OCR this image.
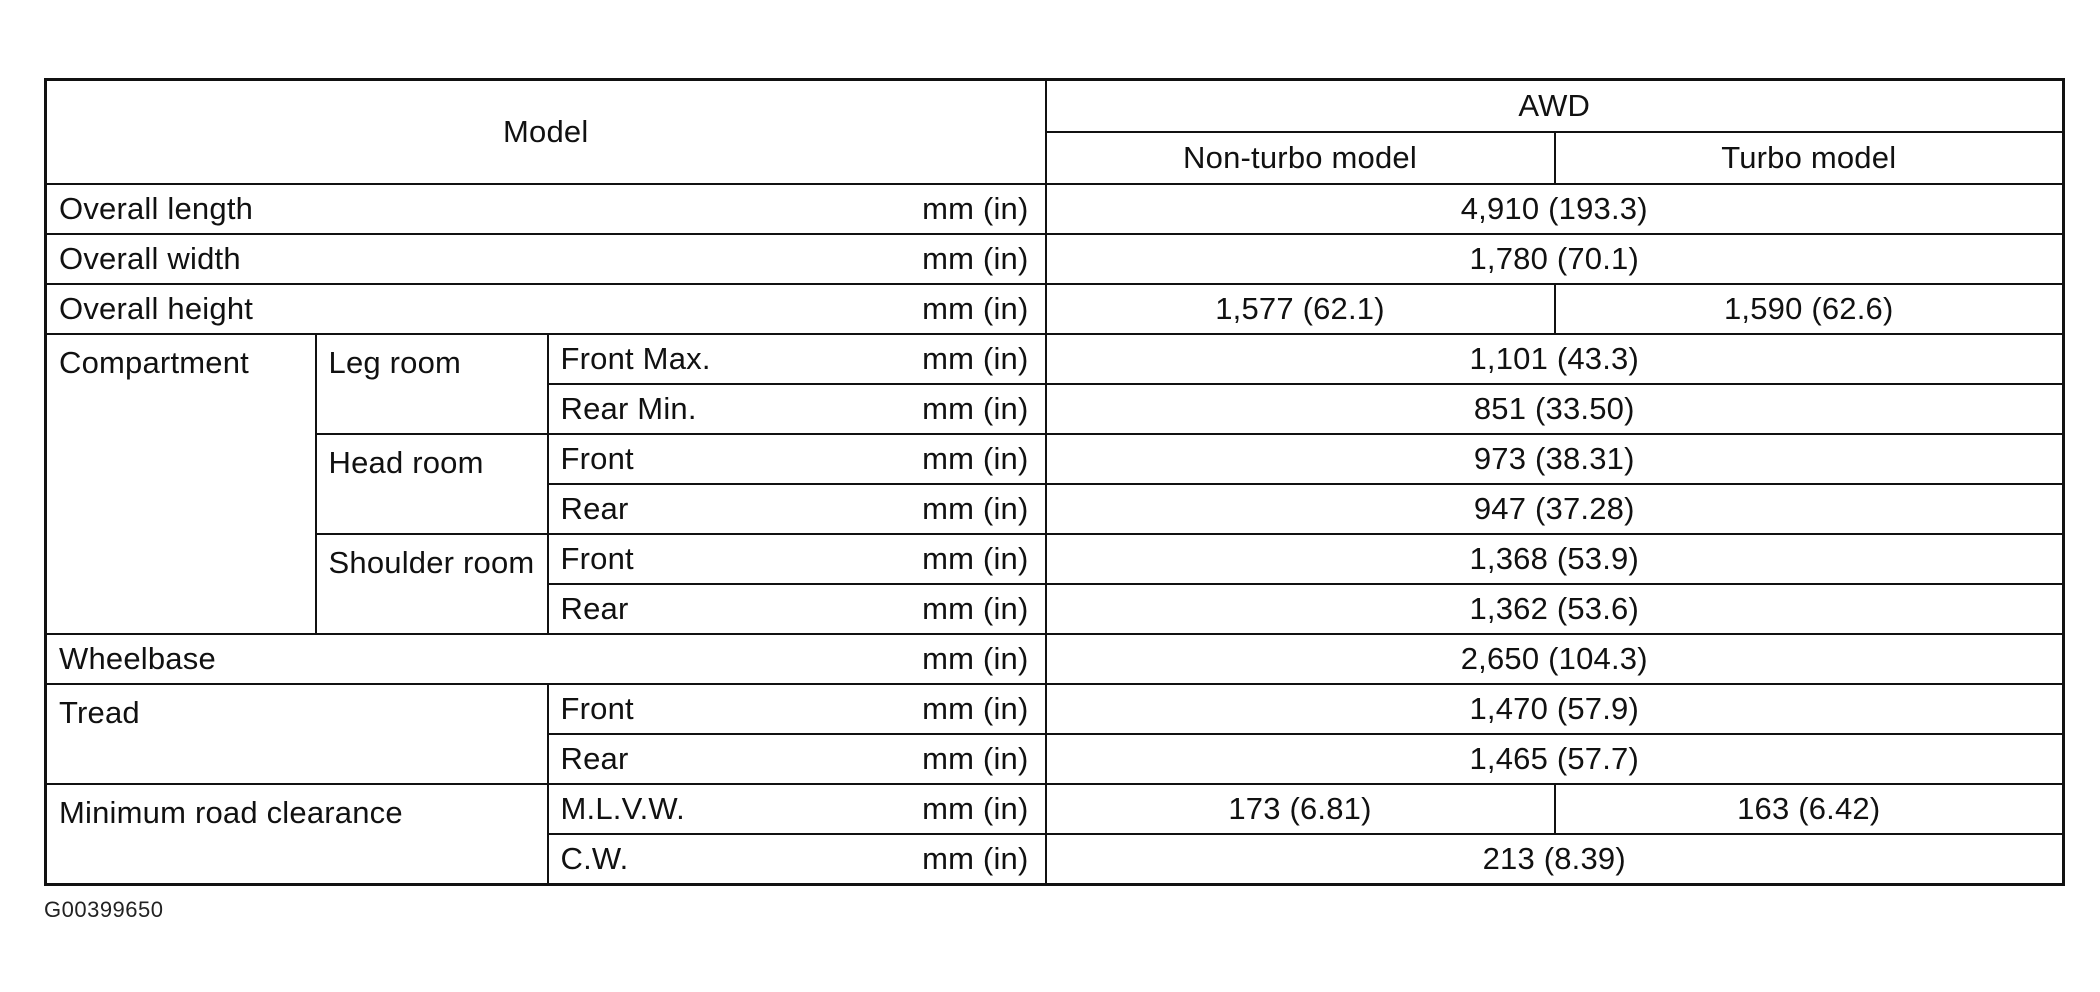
Model				AWD	
				Non-turbo model	Turbo model
Overall length			mm (in)	4,910 (193.3)	
Overall width			mm (in)	1,780 (70.1)	
Overall height			mm (in)	1,577 (62.1)	1,590 (62.6)
Compartment	Leg room	Front Max.	mm (in)	1,101 (43.3)	
		Rear Min.	mm (in)	851 (33.50)	
	Head room	Front	mm (in)	973 (38.31)	
		Rear	mm (in)	947 (37.28)	
	Shoulder room	Front	mm (in)	1,368 (53.9)	
		Rear	mm (in)	1,362 (53.6)	
Wheelbase			mm (in)	2,650 (104.3)	
Tread		Front	mm (in)	1,470 (57.9)	
		Rear	mm (in)	1,465 (57.7)	
Minimum road clearance		M.L.V.W.	mm (in)	173 (6.81)	163 (6.42)
		C.W.	mm (in)	213 (8.39)	
G00399650
